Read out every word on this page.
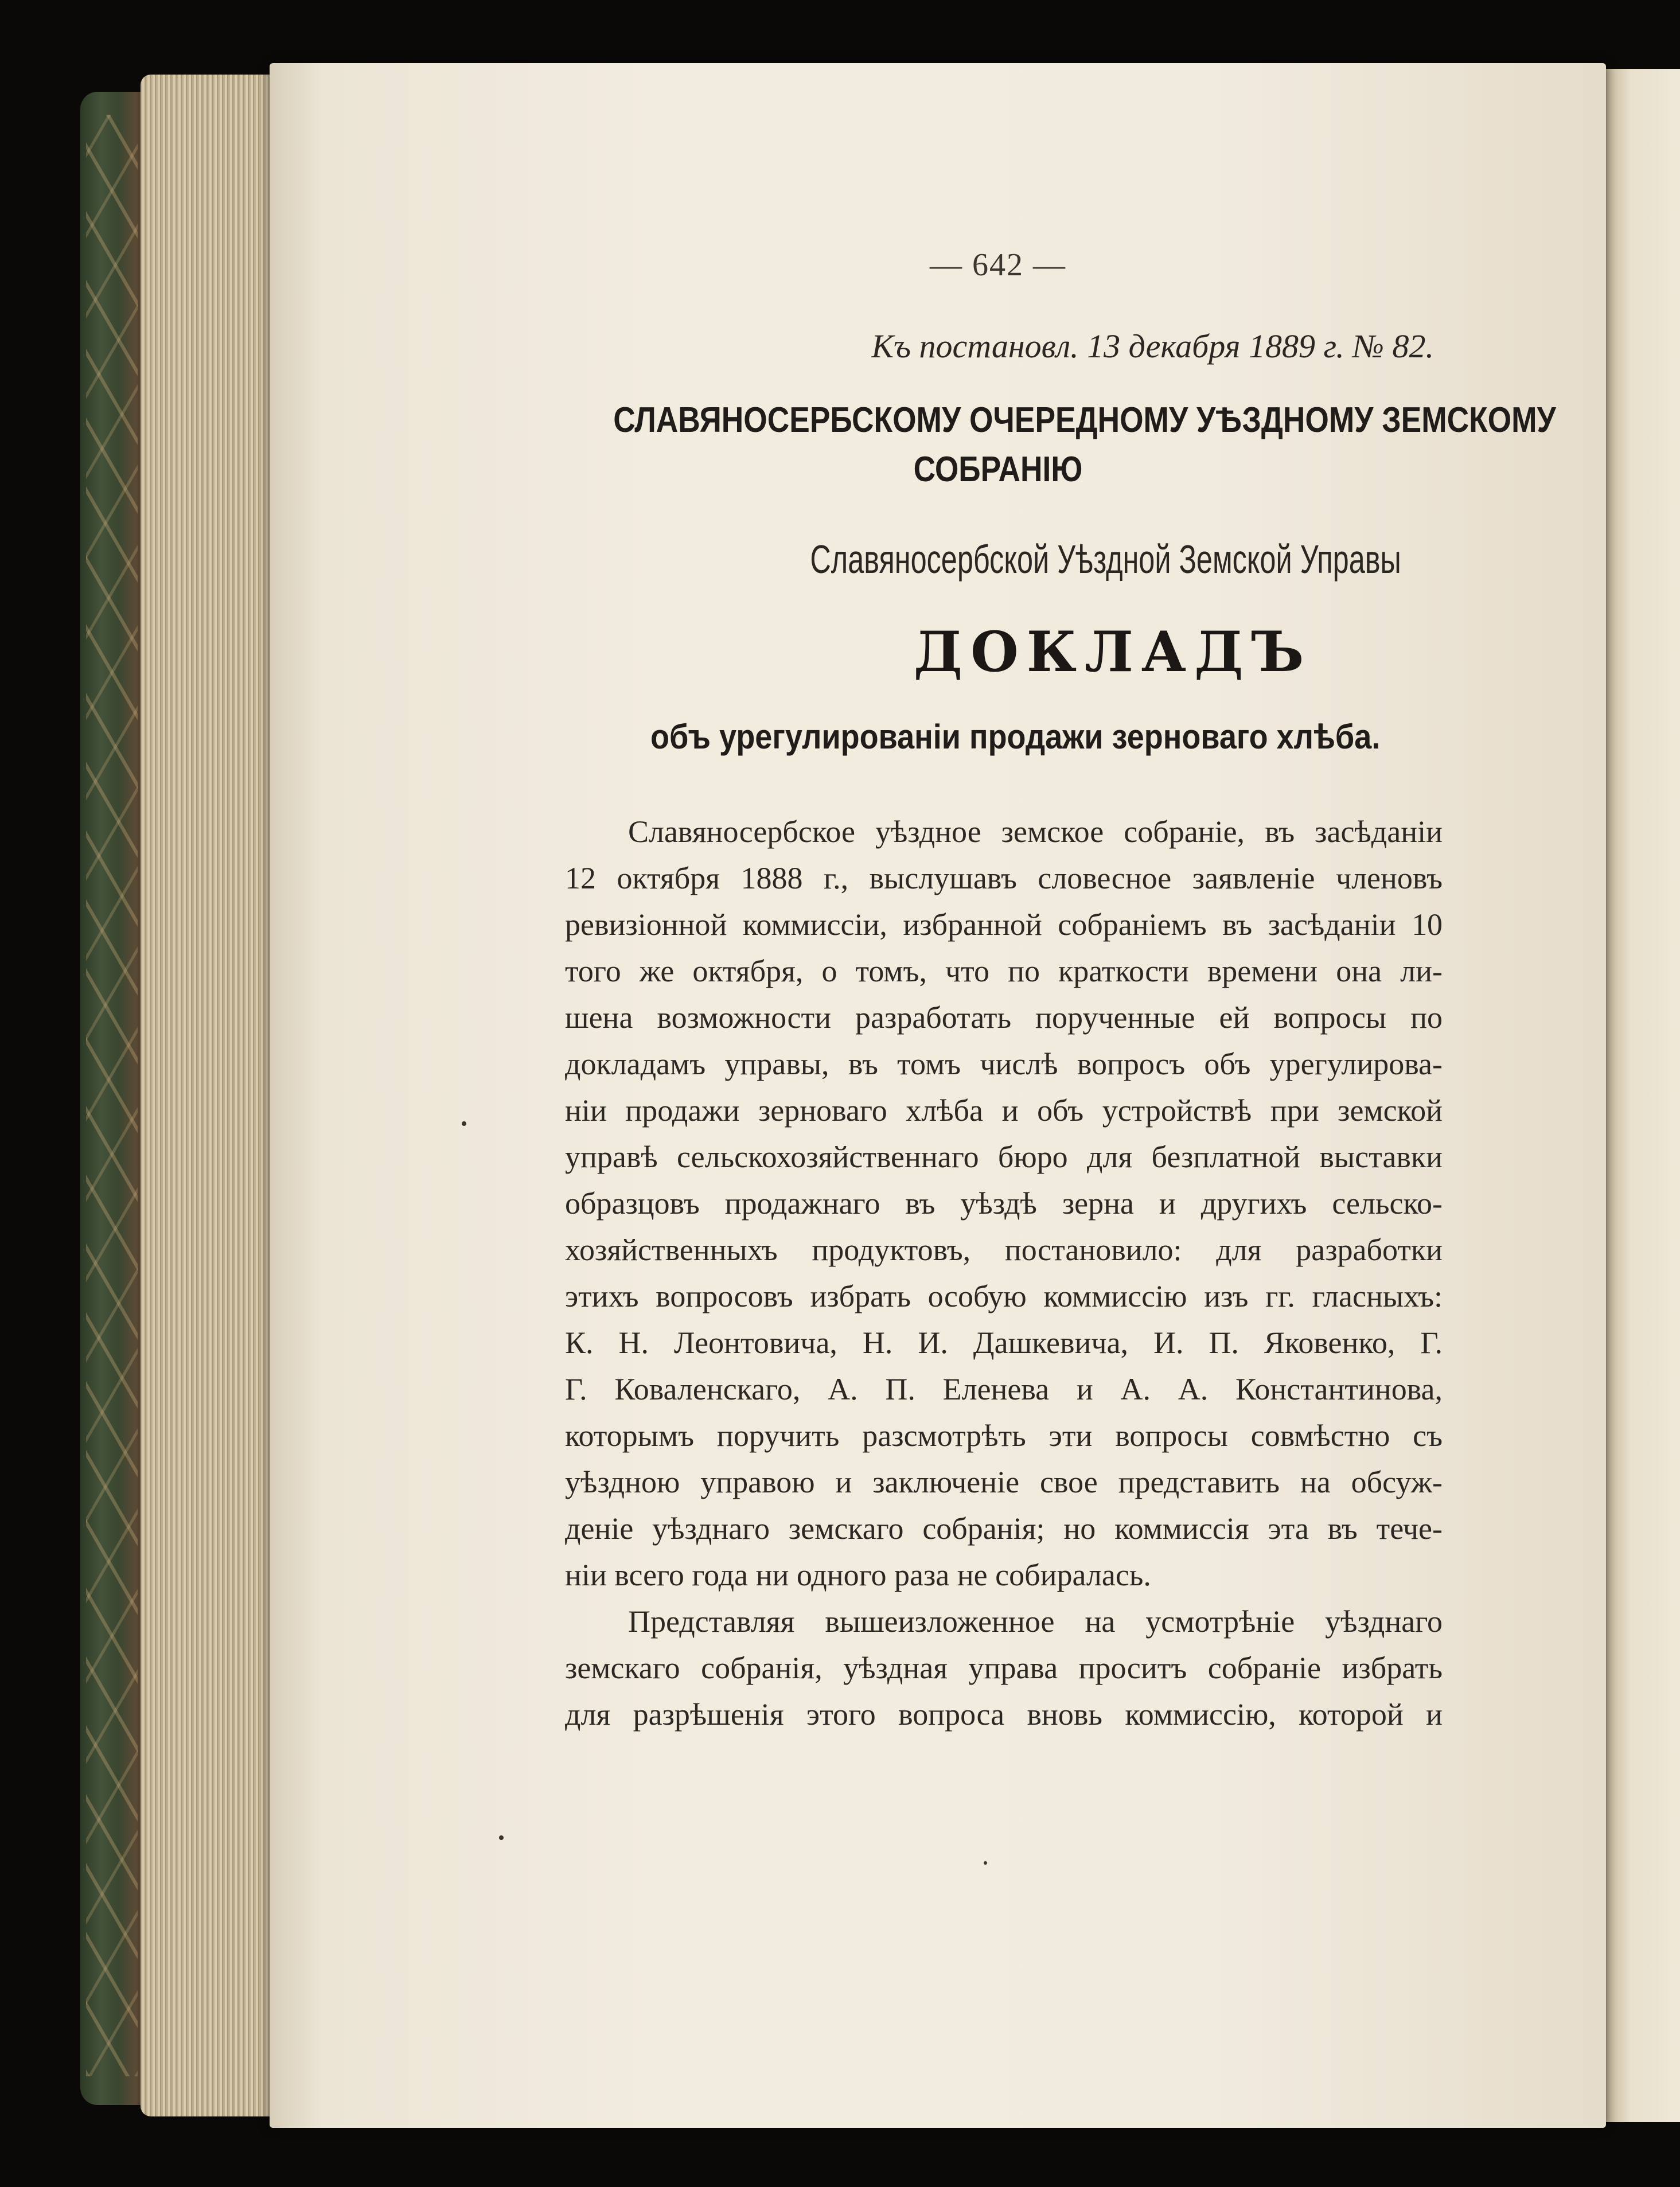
— 642 —
Къ постановл. 13 декабря 1889 г. № 82.
СЛАВЯНОСЕРБСКОМУ ОЧЕРЕДНОМУ УѢЗДНОМУ ЗЕМСКОМУ
СОБРАНІЮ
Славяносербской Уѣздной Земской Управы
ДОКЛАДЪ
объ урегулированіи продажи зерноваго хлѣба.
Славяносербское уѣздное земское собраніе, въ засѣданіи
12 октября 1888 г., выслушавъ словесное заявленіе членовъ
ревизіонной коммиссіи, избранной собраніемъ въ засѣданіи 10
того же октября, о томъ, что по краткости времени она ли-
шена возможности разработать порученные ей вопросы по
докладамъ управы, въ томъ числѣ вопросъ объ урегулирова-
ніи продажи зерноваго хлѣба и объ устройствѣ при земской
управѣ сельскохозяйственнаго бюро для безплатной выставки
образцовъ продажнаго въ уѣздѣ зерна и другихъ сельско-
хозяйственныхъ продуктовъ, постановило: для разработки
этихъ вопросовъ избрать особую коммиссію изъ гг. гласныхъ:
К. Н. Леонтовича, Н. И. Дашкевича, И. П. Яковенко, Г.
Г. Коваленскаго, А. П. Еленева и А. А. Константинова,
которымъ поручить разсмотрѣть эти вопросы совмѣстно съ
уѣздною управою и заключеніе свое представить на обсуж-
деніе уѣзднаго земскаго собранія; но коммиссія эта въ тече-
ніи всего года ни одного раза не собиралась.
Представляя вышеизложенное на усмотрѣніе уѣзднаго
земскаго собранія, уѣздная управа проситъ собраніе избрать
для разрѣшенія этого вопроса вновь коммиссію, которой и
